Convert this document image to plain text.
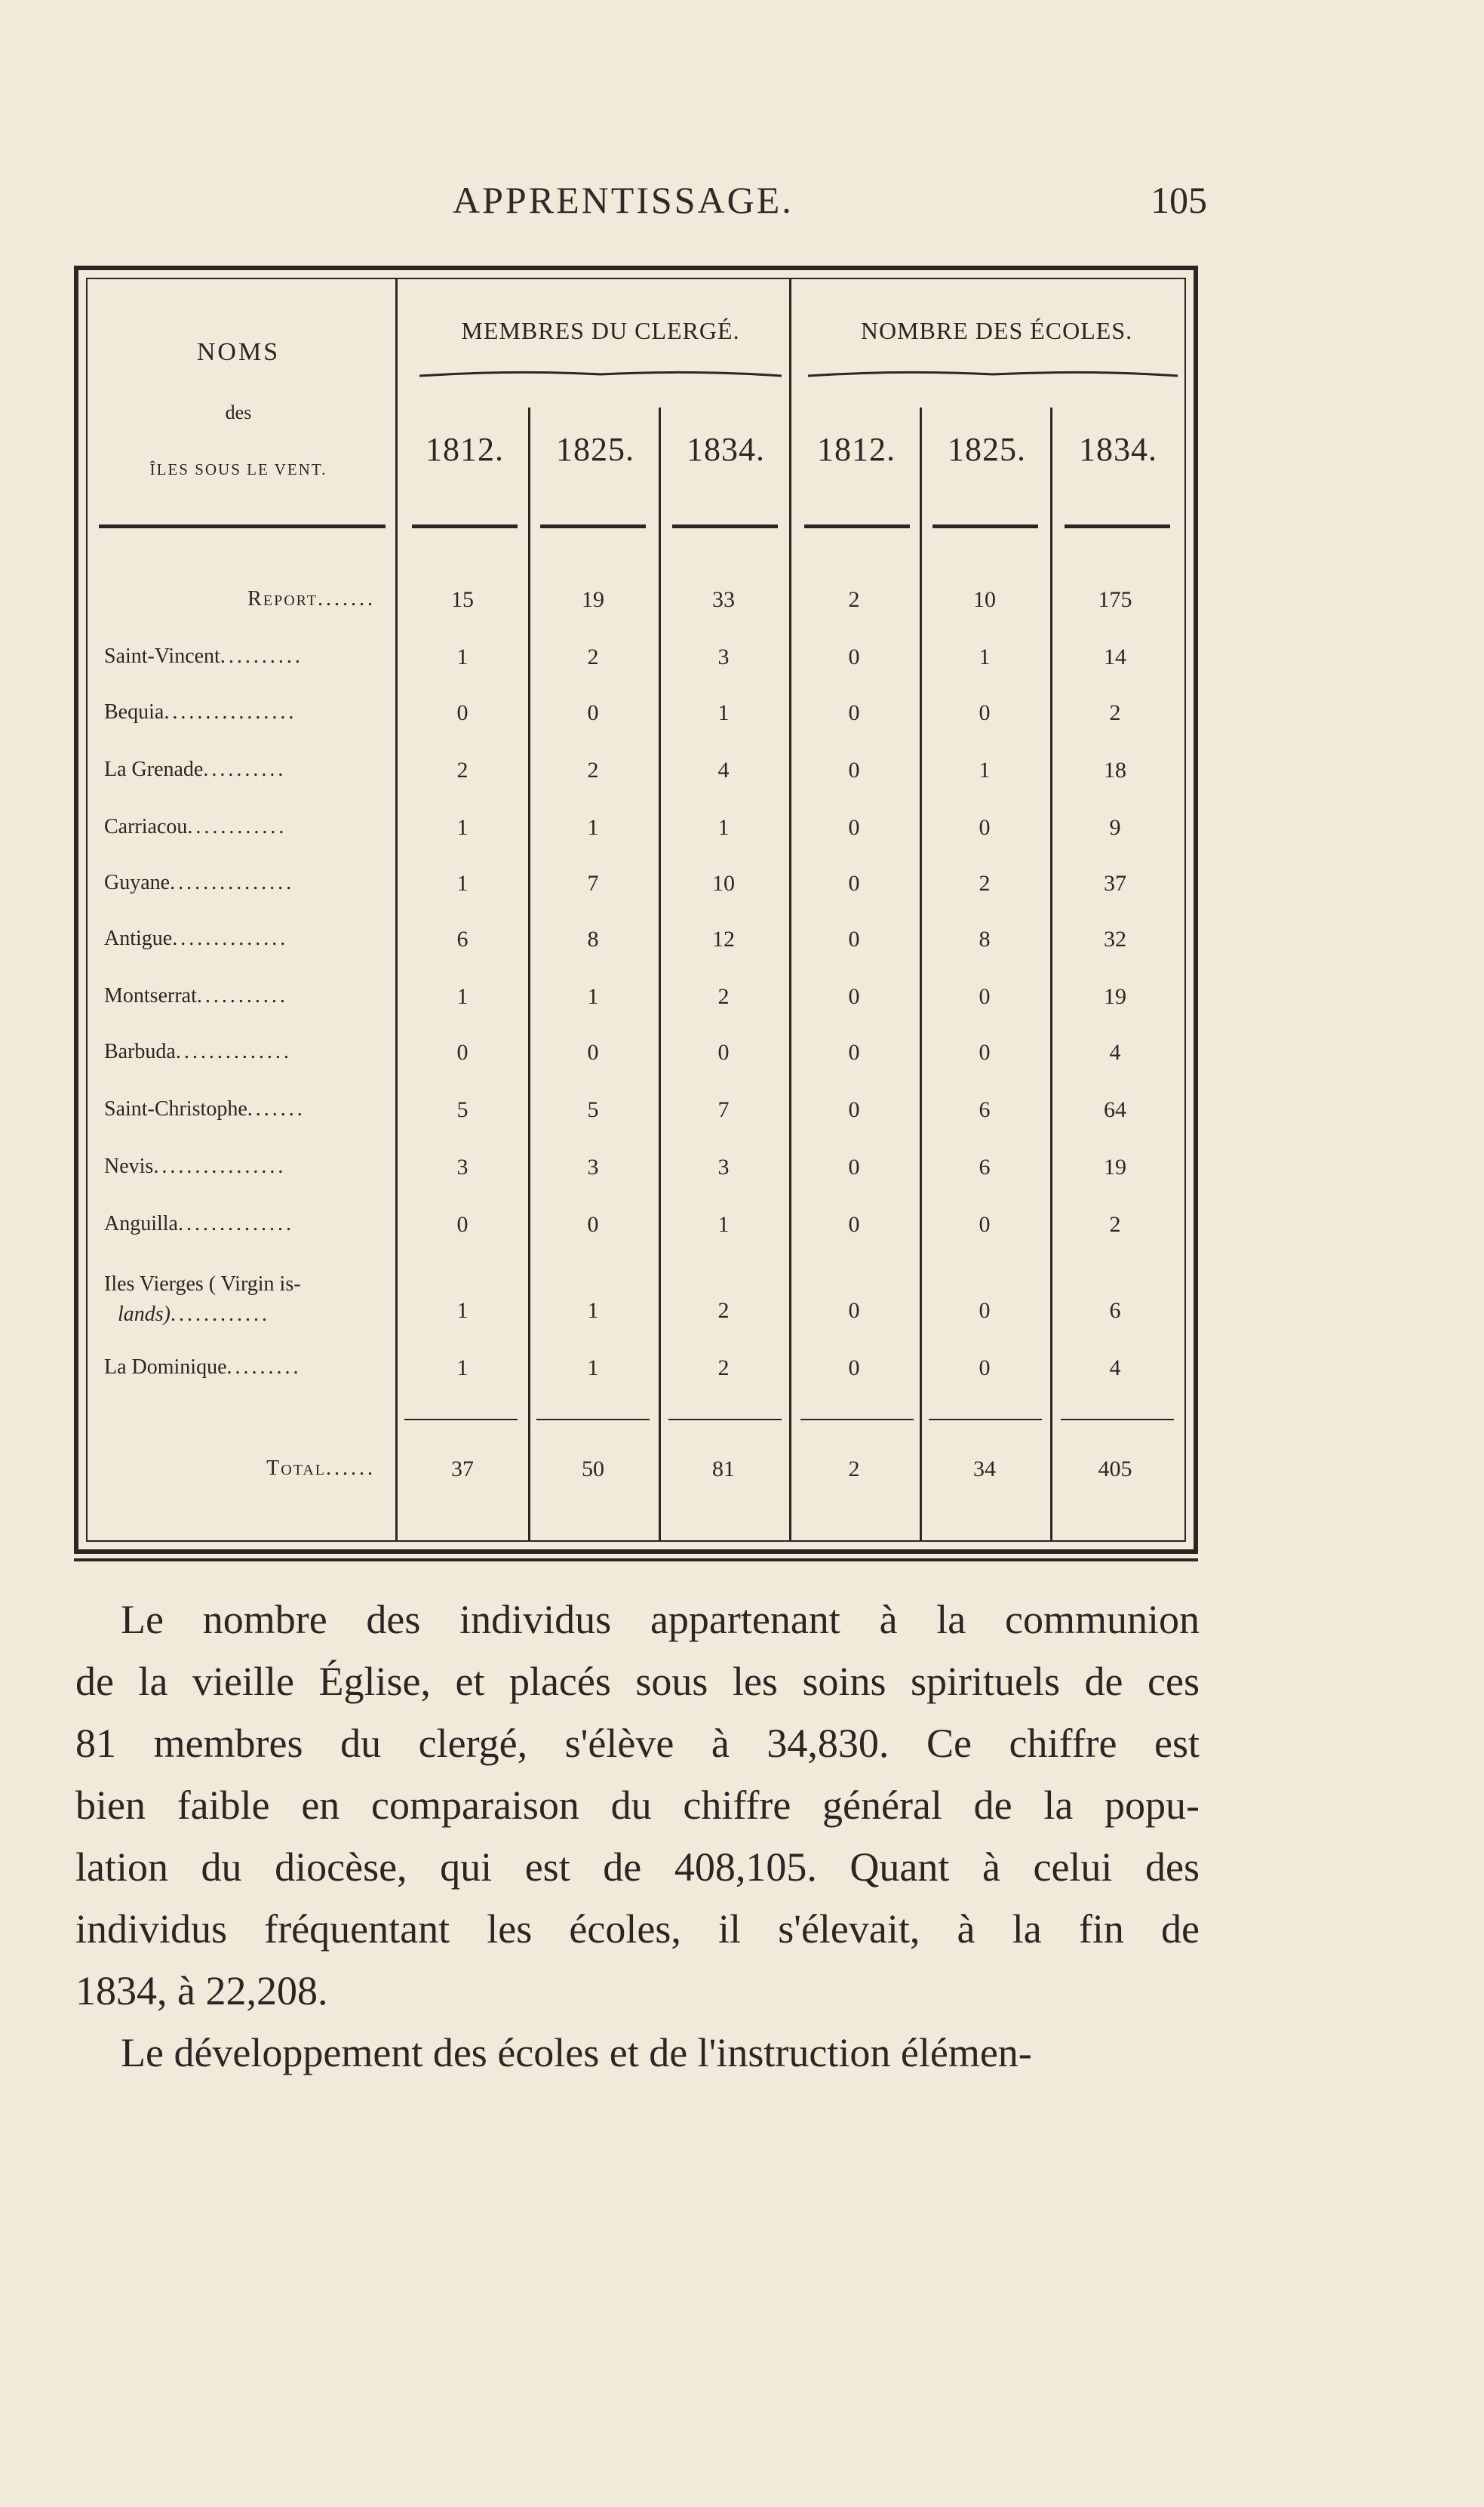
APPRENTISSAGE.	105
NOMS
des
ÎLES SOUS LE VENT.
MEMBRES DU CLERGÉ.	NOMBRE DES ÉCOLES.
1812.	1825.	1834.	1812.	1825.	1834.
Report.......	15	19	33	2	10	175
Saint-Vincent..........	1	2	3	0	1	14
Bequia................	0	0	1	0	0	2
La Grenade..........	2	2	4	0	1	18
Carriacou............	1	1	1	0	0	9
Guyane...............	1	7	10	0	2	37
Antigue..............	6	8	12	0	8	32
Montserrat...........	1	1	2	0	0	19
Barbuda..............	0	0	0	0	0	4
Saint-Christophe.......	5	5	7	0	6	64
Nevis................	3	3	3	0	6	19
Anguilla..............	0	0	1	0	0	2
Iles Vierges ( Virgin is-
lands)............	1	1	2	0	0	6
La Dominique.........	1	1	2	0	0	4
Total......	37	50	81	2	34	405
Le nombre des individus appartenant à la communion
de la vieille Église, et placés sous les soins spirituels de ces
81 membres du clergé, s'élève à 34,830. Ce chiffre est
bien faible en comparaison du chiffre général de la popu-
lation du diocèse, qui est de 408,105. Quant à celui des
individus fréquentant les écoles, il s'élevait, à la fin de
1834, à 22,208.
Le développement des écoles et de l'instruction élémen-
